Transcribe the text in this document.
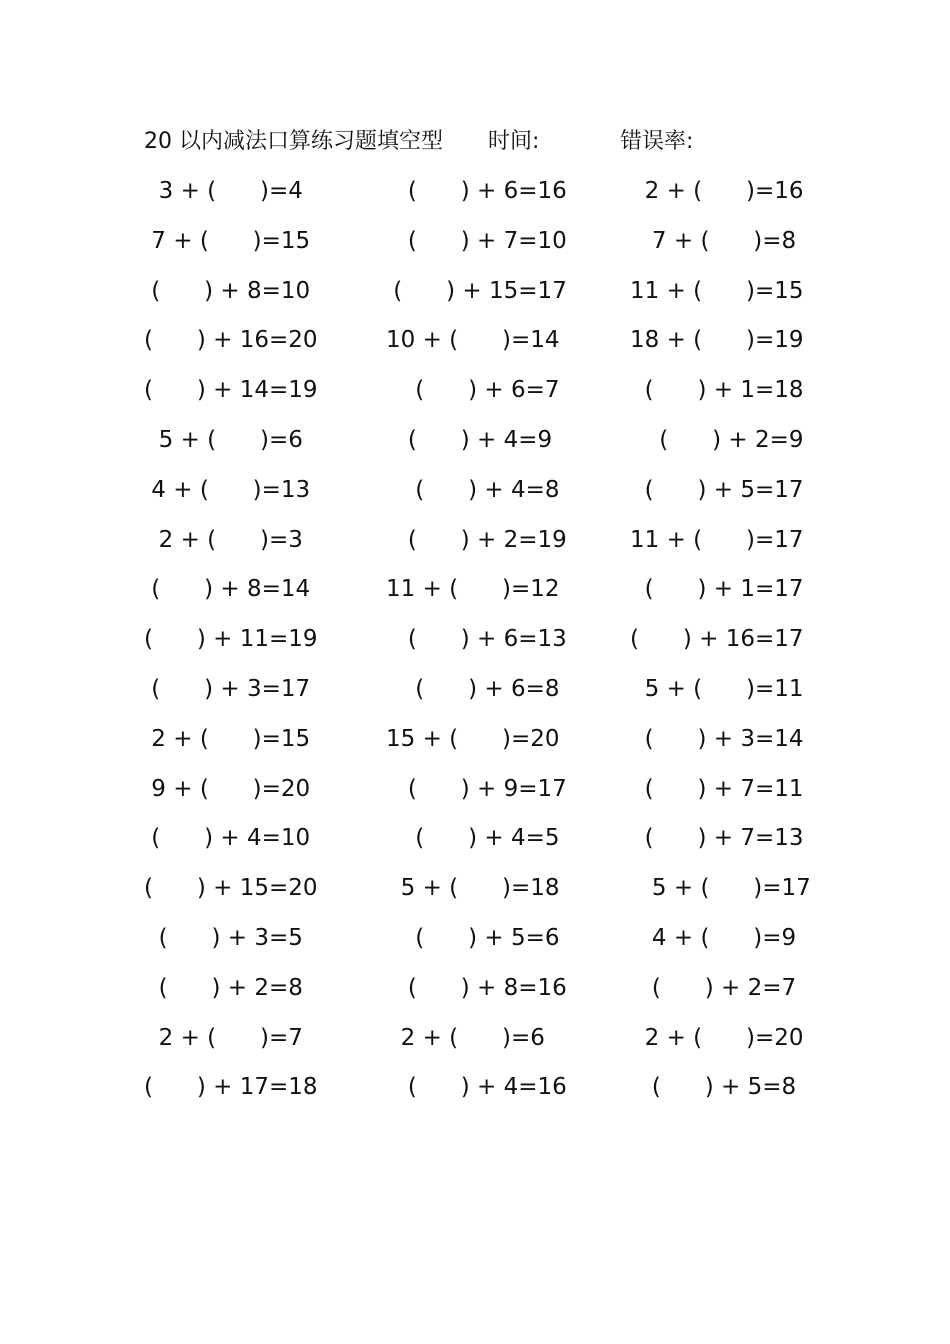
20 以内减法口算练习题填空型 时间:	错误率:
3 + (      )=4	(      ) + 6=16	2 + (      )=16
7 + (      )=15	(      ) + 7=10	7 + (      )=8
(      ) + 8=10	(      ) + 15=17	11 + (      )=15
(      ) + 16=20	10 + (      )=14	18 + (      )=19
(      ) + 14=19	(      ) + 6=7	(      ) + 1=18
5 + (      )=6	(      ) + 4=9	(      ) + 2=9
4 + (      )=13	(      ) + 4=8	(      ) + 5=17
2 + (      )=3	(      ) + 2=19	11 + (      )=17
(      ) + 8=14	11 + (      )=12	(      ) + 1=17
(      ) + 11=19	(      ) + 6=13	(      ) + 16=17
(      ) + 3=17	(      ) + 6=8	5 + (      )=11
2 + (      )=15	15 + (      )=20	(      ) + 3=14
9 + (      )=20	(      ) + 9=17	(      ) + 7=11
(      ) + 4=10	(      ) + 4=5	(      ) + 7=13
(      ) + 15=20	5 + (      )=18	5 + (      )=17
(      ) + 3=5	(      ) + 5=6	4 + (      )=9
(      ) + 2=8	(      ) + 8=16	(      ) + 2=7
2 + (      )=7	2 + (      )=6	2 + (      )=20
(      ) + 17=18	(      ) + 4=16	(      ) + 5=8
